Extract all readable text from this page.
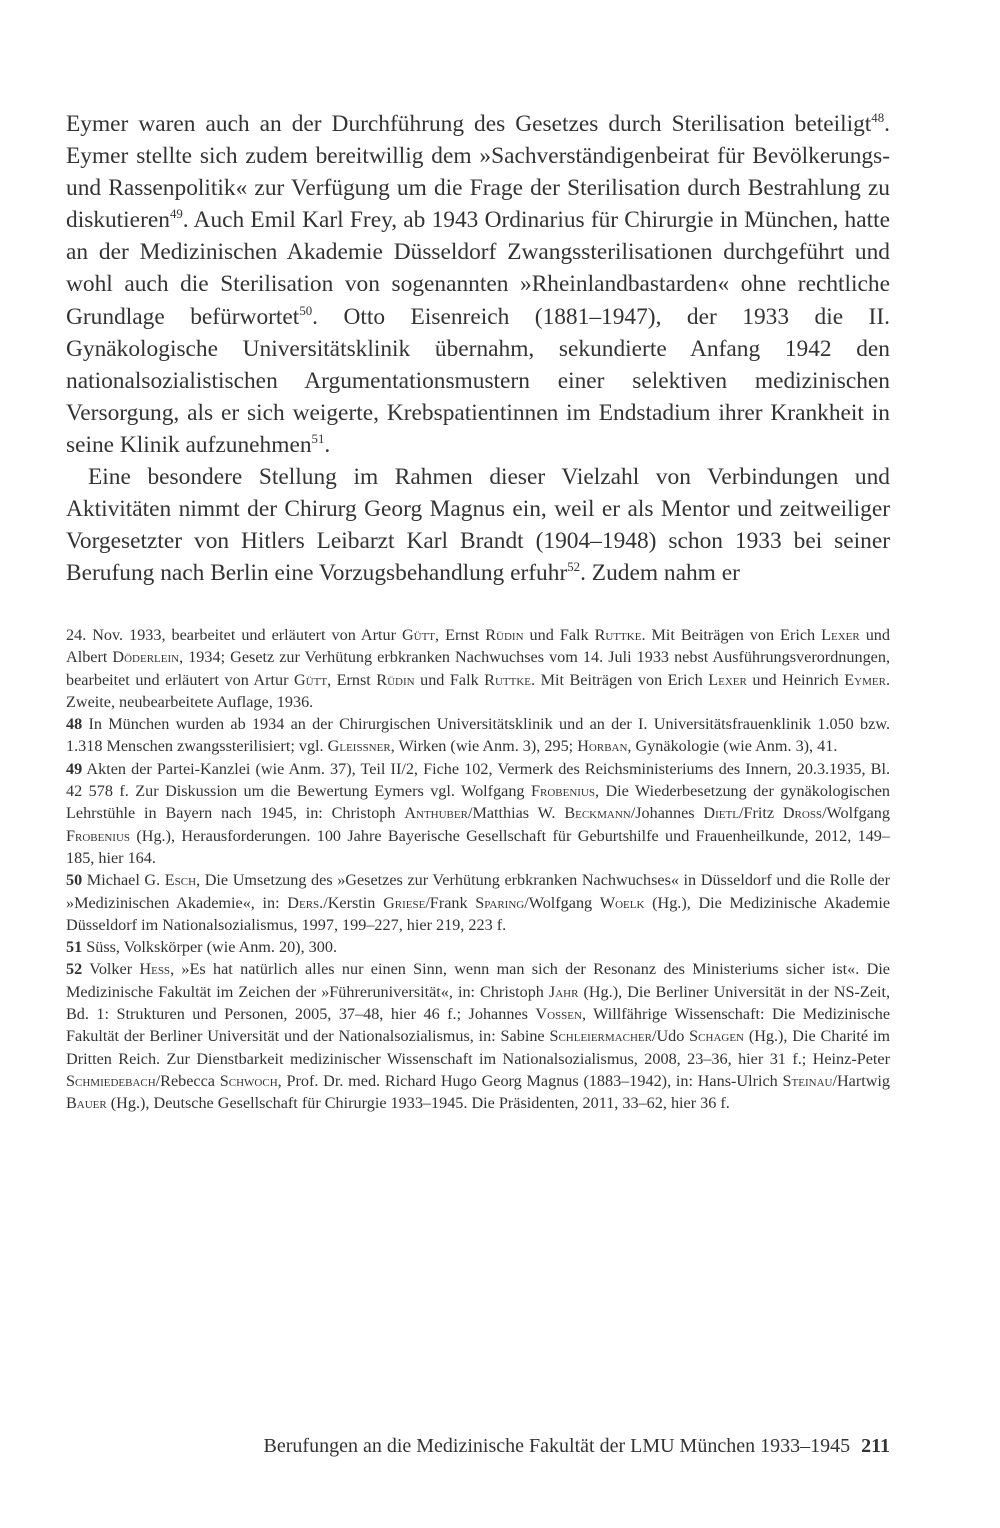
Eymer waren auch an der Durchführung des Gesetzes durch Sterilisation beteiligt$^{48}$. Eymer stellte sich zudem bereitwillig dem »Sachverständigenbeirat für Bevölkerungs- und Rassenpolitik« zur Verfügung um die Frage der Sterilisation durch Bestrahlung zu diskutieren$^{49}$. Auch Emil Karl Frey, ab 1943 Ordinarius für Chirurgie in München, hatte an der Medizinischen Akademie Düsseldorf Zwangssterilisationen durchgeführt und wohl auch die Sterilisation von sogenannten »Rheinlandbastarden« ohne rechtliche Grundlage befürwortet$^{50}$. Otto Eisenreich (1881–1947), der 1933 die II. Gynäkologische Universitätsklinik übernahm, sekundierte Anfang 1942 den nationalsozialistischen Argumentationsmustern einer selektiven medizinischen Versorgung, als er sich weigerte, Krebspatientinnen im Endstadium ihrer Krankheit in seine Klinik aufzunehmen$^{51}$.

Eine besondere Stellung im Rahmen dieser Vielzahl von Verbindungen und Aktivitäten nimmt der Chirurg Georg Magnus ein, weil er als Mentor und zeitweiliger Vorgesetzter von Hitlers Leibarzt Karl Brandt (1904–1948) schon 1933 bei seiner Berufung nach Berlin eine Vorzugsbehandlung erfuhr$^{52}$. Zudem nahm er

24. Nov. 1933, bearbeitet und erläutert von Artur Gütt, Ernst Rüdin und Falk Ruttke. Mit Beiträgen von Erich Lexer und Albert Döderlein, 1934; Gesetz zur Verhütung erbkranken Nachwuchses vom 14. Juli 1933 nebst Ausführungsverordnungen, bearbeitet und erläutert von Artur Gütt, Ernst Rüdin und Falk Ruttke. Mit Beiträgen von Erich Lexer und Heinrich Eymer. Zweite, neubearbeitete Auflage, 1936.

48 In München wurden ab 1934 an der Chirurgischen Universitätsklinik und an der I. Universitätsfrauenklinik 1.050 bzw. 1.318 Menschen zwangssterilisiert; vgl. Gleissner, Wirken (wie Anm. 3), 295; Horban, Gynäkologie (wie Anm. 3), 41.

49 Akten der Partei-Kanzlei (wie Anm. 37), Teil II/2, Fiche 102, Vermerk des Reichsministeriums des Innern, 20.3.1935, Bl. 42 578 f. Zur Diskussion um die Bewertung Eymers vgl. Wolfgang Frobenius, Die Wiederbesetzung der gynäkologischen Lehrstühle in Bayern nach 1945, in: Christoph Anthuber/Matthias W. Beckmann/Johannes Dietl/Fritz Dross/Wolfgang Frobenius (Hg.), Herausforderungen. 100 Jahre Bayerische Gesellschaft für Geburtshilfe und Frauenheilkunde, 2012, 149–185, hier 164.

50 Michael G. Esch, Die Umsetzung des »Gesetzes zur Verhütung erbkranken Nachwuchses« in Düsseldorf und die Rolle der »Medizinischen Akademie«, in: Ders./Kerstin Griese/Frank Sparing/Wolfgang Woelk (Hg.), Die Medizinische Akademie Düsseldorf im Nationalsozialismus, 1997, 199–227, hier 219, 223 f.

51 Süss, Volkskörper (wie Anm. 20), 300.

52 Volker Hess, »Es hat natürlich alles nur einen Sinn, wenn man sich der Resonanz des Ministeriums sicher ist«. Die Medizinische Fakultät im Zeichen der »Führeruniversität«, in: Christoph Jahr (Hg.), Die Berliner Universität in der NS-Zeit, Bd. 1: Strukturen und Personen, 2005, 37–48, hier 46 f.; Johannes Vossen, Willfährige Wissenschaft: Die Medizinische Fakultät der Berliner Universität und der Nationalsozialismus, in: Sabine Schleiermacher/Udo Schagen (Hg.), Die Charité im Dritten Reich. Zur Dienstbarkeit medizinischer Wissenschaft im Nationalsozialismus, 2008, 23–36, hier 31 f.; Heinz-Peter Schmiedebach/Rebecca Schwoch, Prof. Dr. med. Richard Hugo Georg Magnus (1883–1942), in: Hans-Ulrich Steinau/Hartwig Bauer (Hg.), Deutsche Gesellschaft für Chirurgie 1933–1945. Die Präsidenten, 2011, 33–62, hier 36 f.

Berufungen an die Medizinische Fakultät der LMU München 1933–1945 211
